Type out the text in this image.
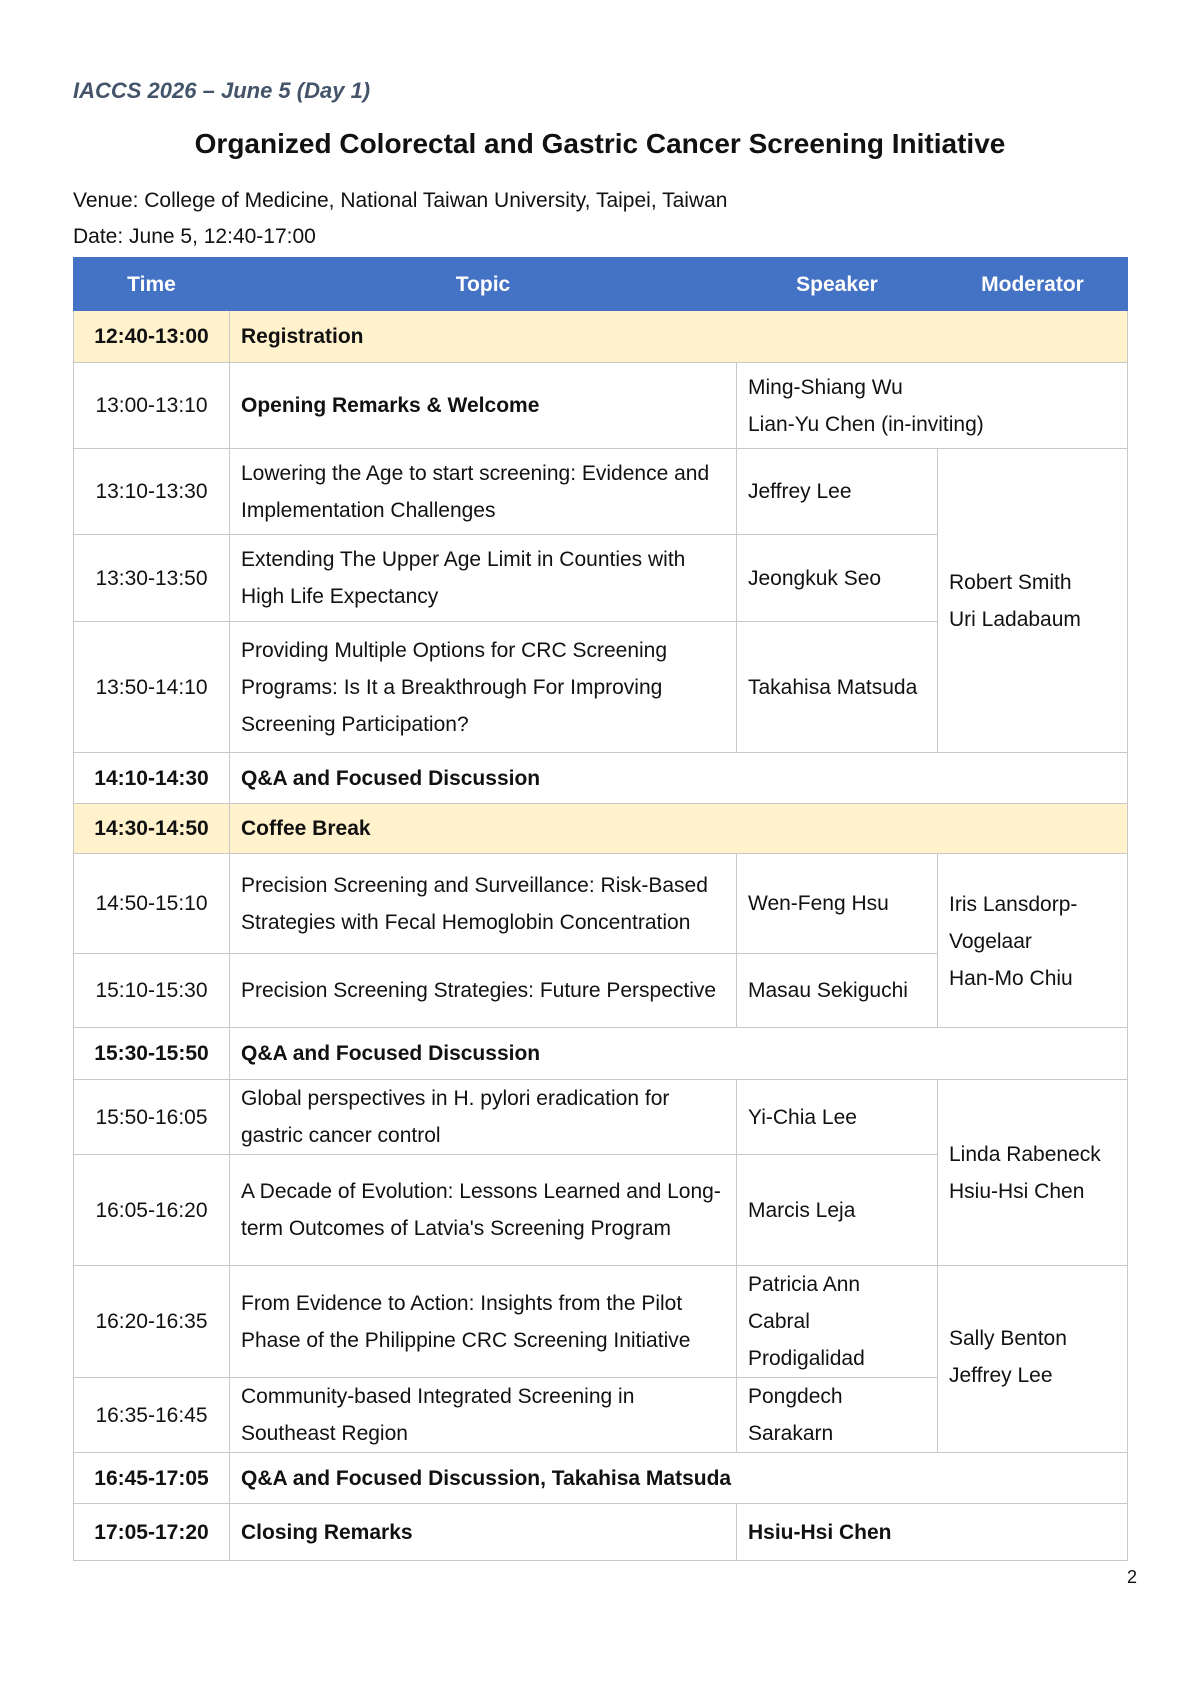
IACCS 2026 – June 5 (Day 1)
Organized Colorectal and Gastric Cancer Screening Initiative
Venue: College of Medicine, National Taiwan University, Taipei, Taiwan
Date: June 5, 12:40-17:00
Time	Topic	Speaker	Moderator
12:40-13:00	Registration		
13:00-13:10	Opening Remarks & Welcome	Ming-Shiang Wu
Lian-Yu Chen (in-inviting)	

13:10-13:30	Lowering the Age to start screening: Evidence and Implementation Challenges	Jeffrey Lee	Robert Smith
Uri Ladabaum

13:30-13:50	Extending The Upper Age Limit in Counties with High Life Expectancy	Jeongkuk Seo	
13:50-14:10	Providing Multiple Options for CRC Screening Programs: Is It a Breakthrough For Improving Screening Participation?	Takahisa Matsuda	
14:10-14:30	Q&A and Focused Discussion		
14:30-14:50	Coffee Break		
14:50-15:10	Precision Screening and Surveillance: Risk-Based Strategies with Fecal Hemoglobin Concentration	Wen-Feng Hsu	Iris Lansdorp-Vogelaar
Han-Mo Chiu

15:10-15:30	Precision Screening Strategies: Future Perspective	Masau Sekiguchi	
15:30-15:50	Q&A and Focused Discussion		
15:50-16:05	Global perspectives in H. pylori eradication for gastric cancer control	Yi-Chia Lee	Linda Rabeneck
Hsiu-Hsi Chen

16:05-16:20	A Decade of Evolution: Lessons Learned and Long-term Outcomes of Latvia's Screening Program	Marcis Leja	
16:20-16:35	From Evidence to Action: Insights from the Pilot Phase of the Philippine CRC Screening Initiative	Patricia Ann Cabral Prodigalidad	Sally Benton
Jeffrey Lee

16:35-16:45	Community-based Integrated Screening in Southeast Region	Pongdech Sarakarn	
16:45-17:05	Q&A and Focused Discussion, Takahisa Matsuda		
17:05-17:20	Closing Remarks	Hsiu-Hsi Chen	
2
